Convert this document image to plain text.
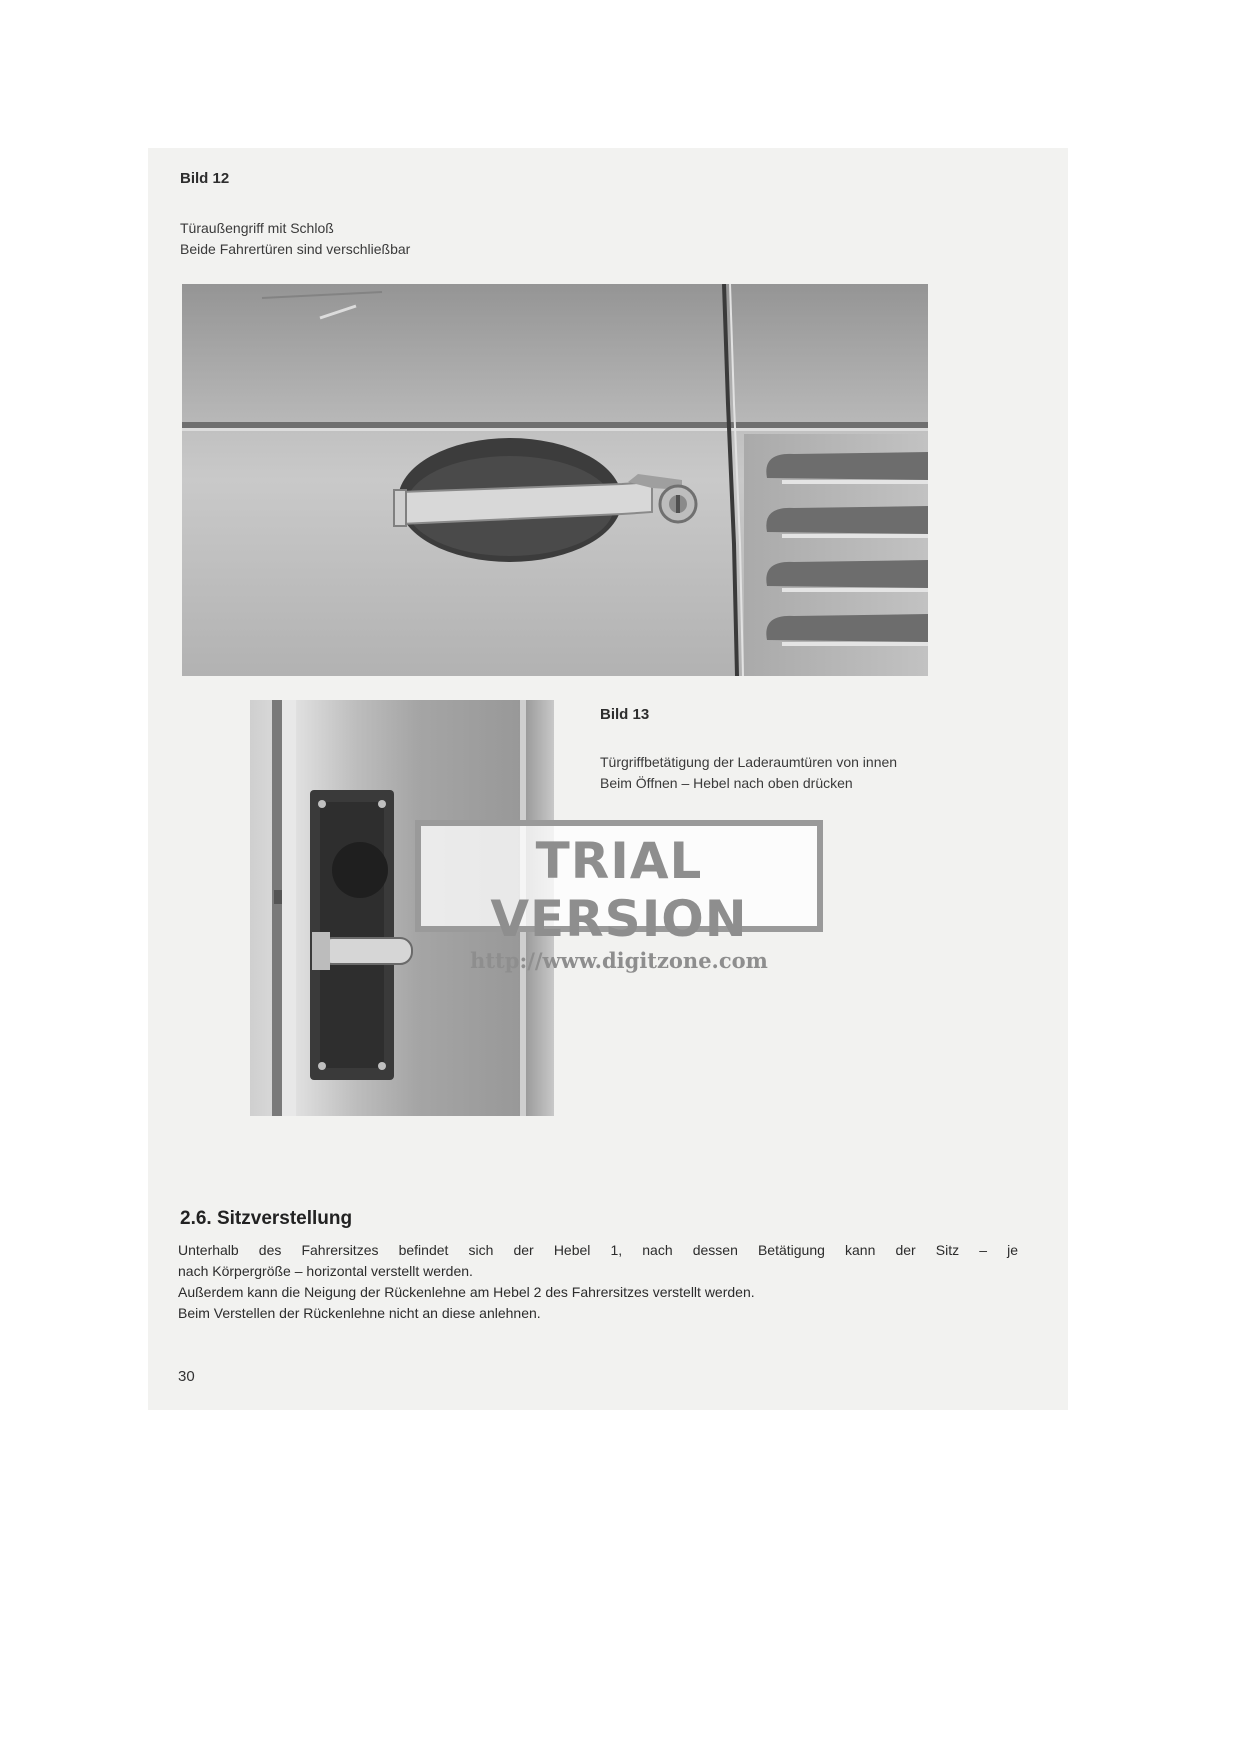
Bild 12

Türaußengriff mit Schloß
Beide Fahrertüren sind verschließbar

Bild 13

Türgriffbetätigung der Laderaumtüren von innen
Beim Öffnen – Hebel nach oben drücken

TRIAL VERSION
http://www.digitzone.com
2.6. Sitzverstellung

Unterhalb des Fahrersitzes befindet sich der Hebel 1, nach dessen Betätigung kann der Sitz – je
nach Körpergröße – horizontal verstellt werden.
Außerdem kann die Neigung der Rückenlehne am Hebel 2 des Fahrersitzes verstellt werden.
Beim Verstellen der Rückenlehne nicht an diese anlehnen.

30
